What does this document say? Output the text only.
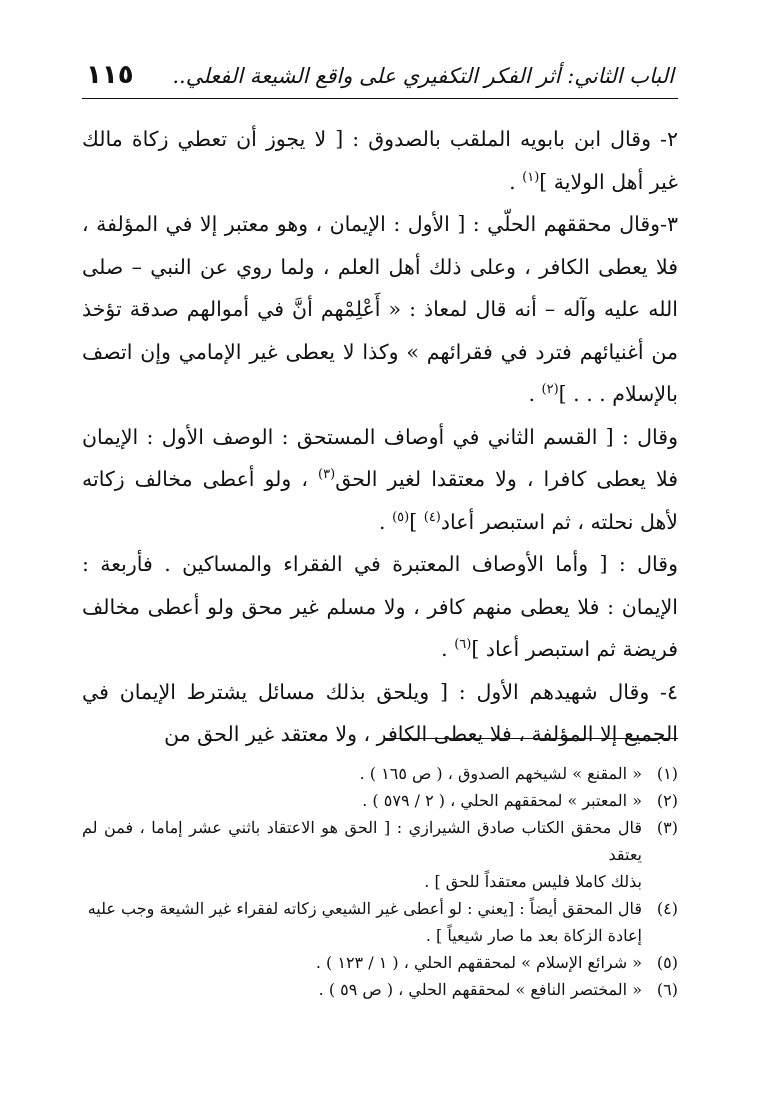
١١٥ الباب الثاني: أثر الفكر التكفيري على واقع الشيعة الفعلي..

٢- وقال ابن بابويه الملقب بالصدوق : [ لا يجوز أن تعطي زكاة مالك غير أهل الولاية ]$^{(١)}$ .

٣-وقال محققهم الحلّي : [ الأول : الإيمان ، وهو معتبر إلا في المؤلفة ، فلا يعطى الكافر ، وعلى ذلك أهل العلم ، ولما روي عن النبي – صلى الله عليه وآله – أنه قال لمعاذ : « أَعْلِمْهم أنَّ في أموالهم صدقة تؤخذ من أغنيائهم فترد في فقرائهم » وكذا لا يعطى غير الإمامي وإن اتصف بالإسلام . . . ]$^{(٢)}$ .

وقال : [ القسم الثاني في أوصاف المستحق : الوصف الأول : الإيمان فلا يعطى كافرا ، ولا معتقدا لغير الحق$^{(٣)}$ ، ولو أعطى مخالف زكاته لأهل نحلته ، ثم استبصر أعاد$^{(٤)}$ ]$^{(٥)}$ .

وقال : [ وأما الأوصاف المعتبرة في الفقراء والمساكين . فأربعة : الإيمان : فلا يعطى منهم كافر ، ولا مسلم غير محق ولو أعطى مخالف فريضة ثم استبصر أعاد ]$^{(٦)}$ .

٤- وقال شهيدهم الأول : [ ويلحق بذلك مسائل يشترط الإيمان في الجميع إلا المؤلفة ، فلا يعطى الكافر ، ولا معتقد غير الحق من

(١)
« المقنع » لشيخهم الصدوق ، ( ص ١٦٥ ) .
(٢)
« المعتبر » لمحققهم الحلي ، ( ٢ / ٥٧٩ ) .
(٣)
قال محقق الكتاب صادق الشيرازي : [ الحق هو الاعتقاد باثني عشر إماما ، فمن لم يعتقد
بذلك كاملا فليس معتقداً للحق ] .
(٤)
قال المحقق أيضاً : [يعني : لو أعطى غير الشيعي زكاته لفقراء غير الشيعة وجب عليه
إعادة الزكاة بعد ما صار شيعياً ] .
(٥)
« شرائع الإسلام » لمحققهم الحلي ، ( ١ / ١٢٣ ) .
(٦)
« المختصر النافع » لمحققهم الحلي ، ( ص ٥٩ ) .
